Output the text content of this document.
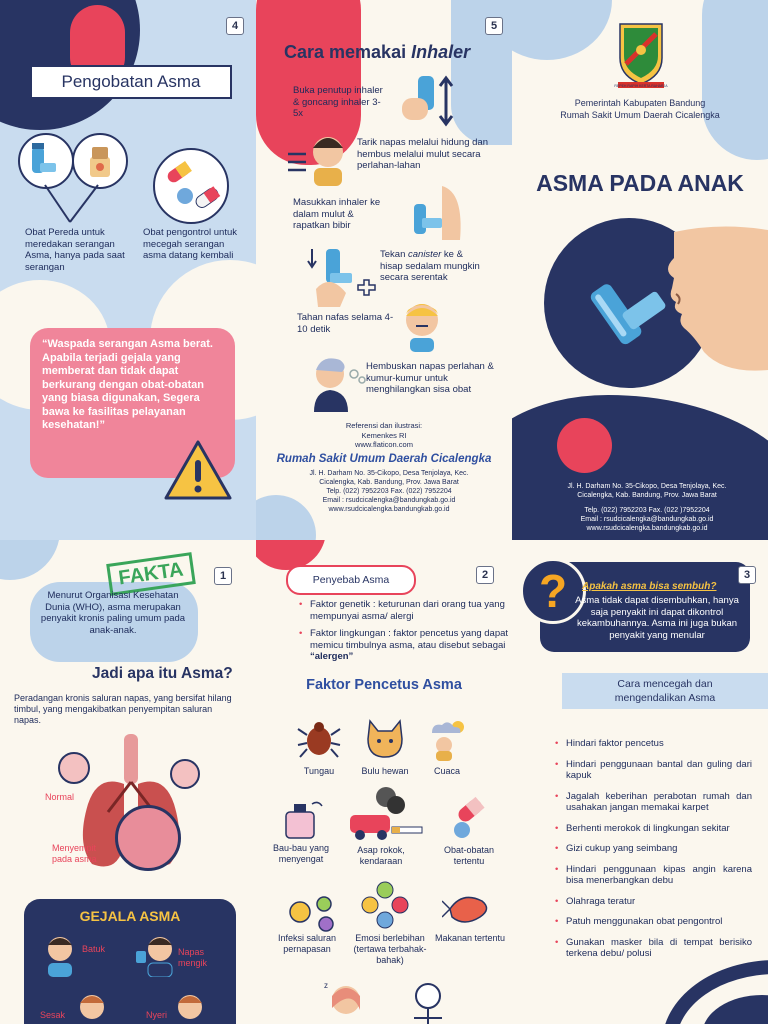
4
Pengobatan Asma
Obat Pereda untuk meredakan serangan Asma, hanya pada saat serangan
Obat pengontrol untuk mecegah serangan asma datang kembali
“Waspada serangan Asma berat. Apabila terjadi gejala yang memberat dan tidak dapat berkurang dengan obat-obatan yang biasa digunakan, Segera bawa ke fasilitas pelayanan kesehatan!”
5
Cara memakai Inhaler
Buka penutup inhaler & goncang inhaler 3-5x
Tarik napas melalui hidung dan hembus melalui mulut secara perlahan-lahan
Masukkan inhaler ke dalam mulut & rapatkan bibir
Tekan canister ke & hisap sedalam mungkin secara serentak
Tahan nafas selama 4-10 detik
Hembuskan napas perlahan & kumur-kumur untuk menghilangkan sisa obat
Referensi dan ilustrasi:
Kemenkes RI
www.flaticon.com
Rumah Sakit Umum Daerah Cicalengka
Jl. H. Darham No. 35-Cikopo, Desa Tenjolaya, Kec. Cicalengka, Kab. Bandung, Prov. Jawa Barat
Telp. (022) 7952203 Fax. (022) 7952204
Email : rsudcicalengka@bandungkab.go.id
www.rsudcicalengka.bandungkab.go.id
REPEH RAPIH KERTA RAHARJA
Pemerintah Kabupaten Bandung
Rumah Sakit Umum Daerah Cicalengka
ASMA PADA ANAK
Jl. H. Darham No. 35-Cikopo, Desa Tenjolaya, Kec. Cicalengka, Kab. Bandung, Prov. Jawa Barat
Telp. (022) 7952203 Fax. (022 )7952204
Email : rsudcicalengka@bandungkab.go.id
www.rsudcicalengka.bandungkab.go.id
1
FAKTA
Menurut Organisasi Kesehatan Dunia (WHO), asma merupakan penyakit kronis paling umum pada anak-anak.
Jadi apa itu Asma?
Peradangan kronis saluran napas, yang bersifat hilang timbul, yang mengakibatkan penyempitan saluran napas.
Normal
Menyempit pada asma
GEJALA ASMA
Batuk	Napas mengik
Sesak	Nyeri
2
Penyebab Asma
• Faktor genetik : keturunan dari orang tua yang mempunyai asma/ alergi
• Faktor lingkungan : faktor pencetus yang dapat memicu timbulnya asma, atau disebut sebagai “alergen”
Faktor Pencetus Asma
Tungau	Bulu hewan	Cuaca
Bau-bau yang menyengat
Asap rokok, kendaraan
Obat-obatan tertentu
Infeksi saluran pernapasan
Emosi berlebihan (tertawa terbahak-bahak)
Makanan tertentu
z
?	3
Apakah asma bisa sembuh?
Asma tidak dapat disembuhkan, hanya saja penyakit ini dapat dikontrol kekambuhannya. Asma ini juga bukan penyakit yang menular
Cara mencegah dan mengendalikan Asma
• Hindari faktor pencetus
• Hindari penggunaan bantal dan guling dari kapuk
• Jagalah keberihan perabotan rumah dan usahakan jangan memakai karpet
• Berhenti merokok di lingkungan sekitar
• Gizi cukup yang seimbang
• Hindari penggunaan kipas angin karena bisa menerbangkan debu
• Olahraga teratur
• Patuh menggunakan obat pengontrol
• Gunakan masker bila di tempat berisiko terkena debu/ polusi
